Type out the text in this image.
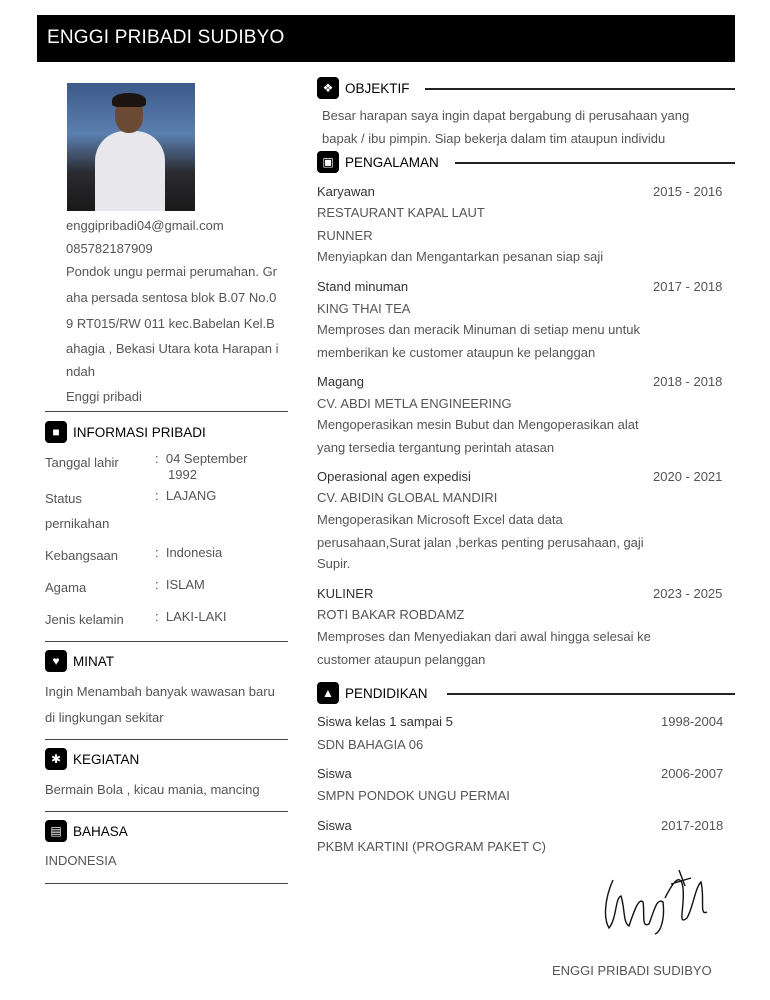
ENGGI PRIBADI SUDIBYO
enggipribadi04@gmail.com
085782187909
Pondok ungu permai perumahan. Gr
aha persada sentosa blok B.07 No.0
9 RT015/RW 011 kec.Babelan Kel.B
ahagia , Bekasi Utara kota Harapan i
ndah
Enggi pribadi
■ INFORMASI PRIBADI
Tanggal lahir	:  04 September
1992
Status
pernikahan
:  LAJANG
Kebangsaan	:  Indonesia
Agama	:  ISLAM
Jenis kelamin :  LAKI-LAKI
♥ MINAT
Ingin Menambah banyak wawasan baru
di lingkungan sekitar
✱ KEGIATAN
Bermain Bola , kicau mania, mancing
▤ BAHASA
INDONESIA
❖ OBJEKTIF
Besar harapan saya ingin dapat bergabung di perusahaan yang
bapak / ibu pimpin. Siap bekerja dalam tim ataupun individu
▣ PENGALAMAN
Karyawan	2015 - 2016
RESTAURANT KAPAL LAUT
RUNNER
Menyiapkan dan Mengantarkan pesanan siap saji
Stand minuman	2017 - 2018
KING THAI TEA
Memproses dan meracik Minuman di setiap menu untuk
memberikan ke customer ataupun ke pelanggan
Magang	2018 - 2018
CV. ABDI METLA ENGINEERING
Mengoperasikan mesin Bubut dan Mengoperasikan alat
yang tersedia tergantung perintah atasan
Operasional agen expedisi	2020 - 2021
CV. ABIDIN GLOBAL MANDIRI
Mengoperasikan Microsoft Excel data data
perusahaan,Surat jalan ,berkas penting perusahaan, gaji
Supir.
KULINER	2023 - 2025
ROTI BAKAR ROBDAMZ
Memproses dan Menyediakan dari awal hingga selesai ke
customer ataupun pelanggan
▲ PENDIDIKAN
Siswa kelas 1 sampai 5	1998-2004
SDN BAHAGIA 06
Siswa	2006-2007
SMPN PONDOK UNGU PERMAI
Siswa	2017-2018
PKBM KARTINI (PROGRAM PAKET C)
ENGGI PRIBADI SUDIBYO
